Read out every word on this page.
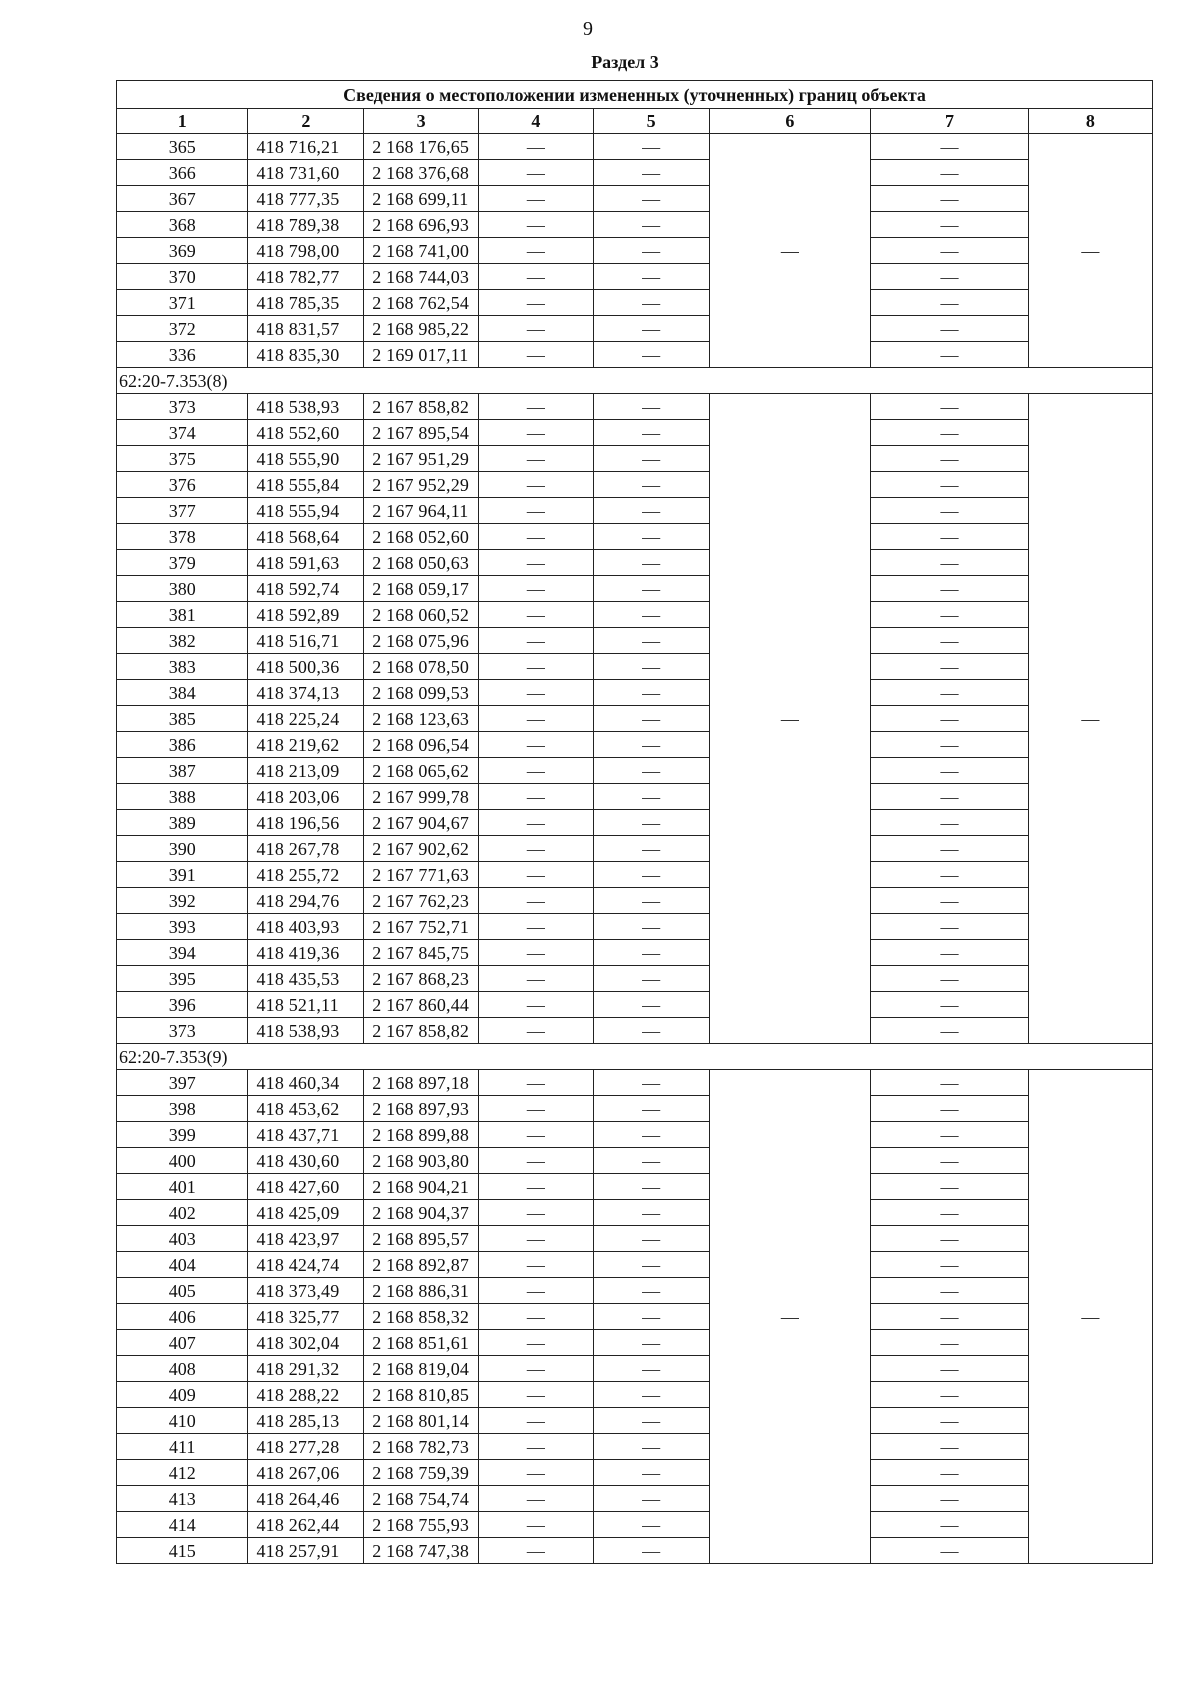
9
Раздел 3
Сведения о местоположении измененных (уточненных) границ объекта							
1	2	3	4	5	6	7	8
365	418 716,21	2 168 176,65	—	—	—	—	—
366	418 731,60	2 168 376,68	—	—		—	
367	418 777,35	2 168 699,11	—	—		—	
368	418 789,38	2 168 696,93	—	—		—	
369	418 798,00	2 168 741,00	—	—		—	
370	418 782,77	2 168 744,03	—	—		—	
371	418 785,35	2 168 762,54	—	—		—	
372	418 831,57	2 168 985,22	—	—		—	
336	418 835,30	2 169 017,11	—	—		—	
62:20-7.353(8)							
373	418 538,93	2 167 858,82	—	—	—	—	—
374	418 552,60	2 167 895,54	—	—		—	
375	418 555,90	2 167 951,29	—	—		—	
376	418 555,84	2 167 952,29	—	—		—	
377	418 555,94	2 167 964,11	—	—		—	
378	418 568,64	2 168 052,60	—	—		—	
379	418 591,63	2 168 050,63	—	—		—	
380	418 592,74	2 168 059,17	—	—		—	
381	418 592,89	2 168 060,52	—	—		—	
382	418 516,71	2 168 075,96	—	—		—	
383	418 500,36	2 168 078,50	—	—		—	
384	418 374,13	2 168 099,53	—	—		—	
385	418 225,24	2 168 123,63	—	—		—	
386	418 219,62	2 168 096,54	—	—		—	
387	418 213,09	2 168 065,62	—	—		—	
388	418 203,06	2 167 999,78	—	—		—	
389	418 196,56	2 167 904,67	—	—		—	
390	418 267,78	2 167 902,62	—	—		—	
391	418 255,72	2 167 771,63	—	—		—	
392	418 294,76	2 167 762,23	—	—		—	
393	418 403,93	2 167 752,71	—	—		—	
394	418 419,36	2 167 845,75	—	—		—	
395	418 435,53	2 167 868,23	—	—		—	
396	418 521,11	2 167 860,44	—	—		—	
373	418 538,93	2 167 858,82	—	—		—	
62:20-7.353(9)							
397	418 460,34	2 168 897,18	—	—	—	—	—
398	418 453,62	2 168 897,93	—	—		—	
399	418 437,71	2 168 899,88	—	—		—	
400	418 430,60	2 168 903,80	—	—		—	
401	418 427,60	2 168 904,21	—	—		—	
402	418 425,09	2 168 904,37	—	—		—	
403	418 423,97	2 168 895,57	—	—		—	
404	418 424,74	2 168 892,87	—	—		—	
405	418 373,49	2 168 886,31	—	—		—	
406	418 325,77	2 168 858,32	—	—		—	
407	418 302,04	2 168 851,61	—	—		—	
408	418 291,32	2 168 819,04	—	—		—	
409	418 288,22	2 168 810,85	—	—		—	
410	418 285,13	2 168 801,14	—	—		—	
411	418 277,28	2 168 782,73	—	—		—	
412	418 267,06	2 168 759,39	—	—		—	
413	418 264,46	2 168 754,74	—	—		—	
414	418 262,44	2 168 755,93	—	—		—	
415	418 257,91	2 168 747,38	—	—		—	
